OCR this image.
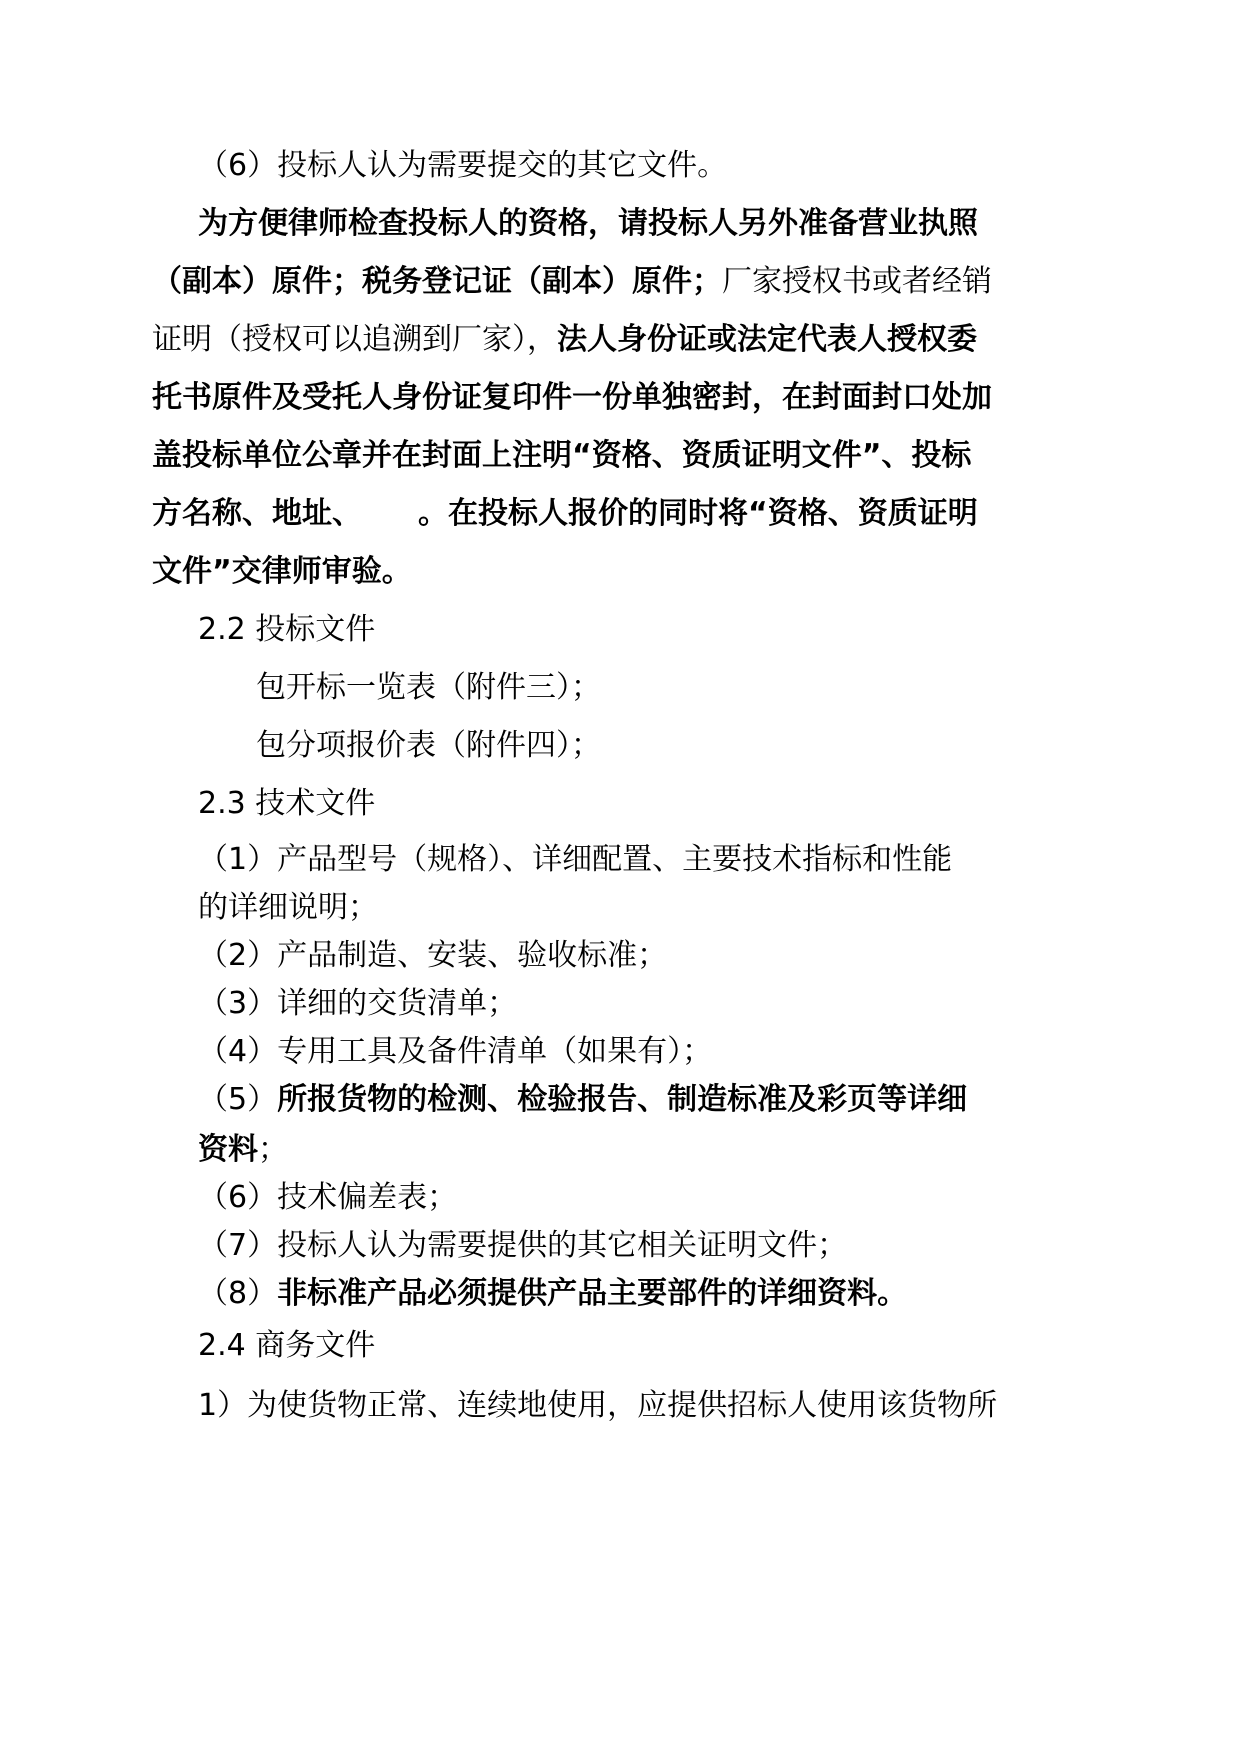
（6）投标人认为需要提交的其它文件。
为方便律师检查投标人的资格，请投标人另外准备营业执照
（副本）原件；税务登记证（副本）原件；厂家授权书或者经销
证明（授权可以追溯到厂家），法人身份证或法定代表人授权委
托书原件及受托人身份证复印件一份单独密封，在封面封口处加
盖投标单位公章并在封面上注明“资格、资质证明文件”、投标
方名称、地址、 。在投标人报价的同时将“资格、资质证明
文件”交律师审验。
2.2 投标文件
包开标一览表（附件三）；
包分项报价表（附件四）；
2.3 技术文件
（1）产品型号（规格）、详细配置、主要技术指标和性能
的详细说明；
（2）产品制造、安装、验收标准；
（3）详细的交货清单；
（4）专用工具及备件清单（如果有）；
（5）所报货物的检测、检验报告、制造标准及彩页等详细
资料；
（6）技术偏差表；
（7）投标人认为需要提供的其它相关证明文件；
（8）非标准产品必须提供产品主要部件的详细资料。
2.4 商务文件
1）为使货物正常、连续地使用，应提供招标人使用该货物所
